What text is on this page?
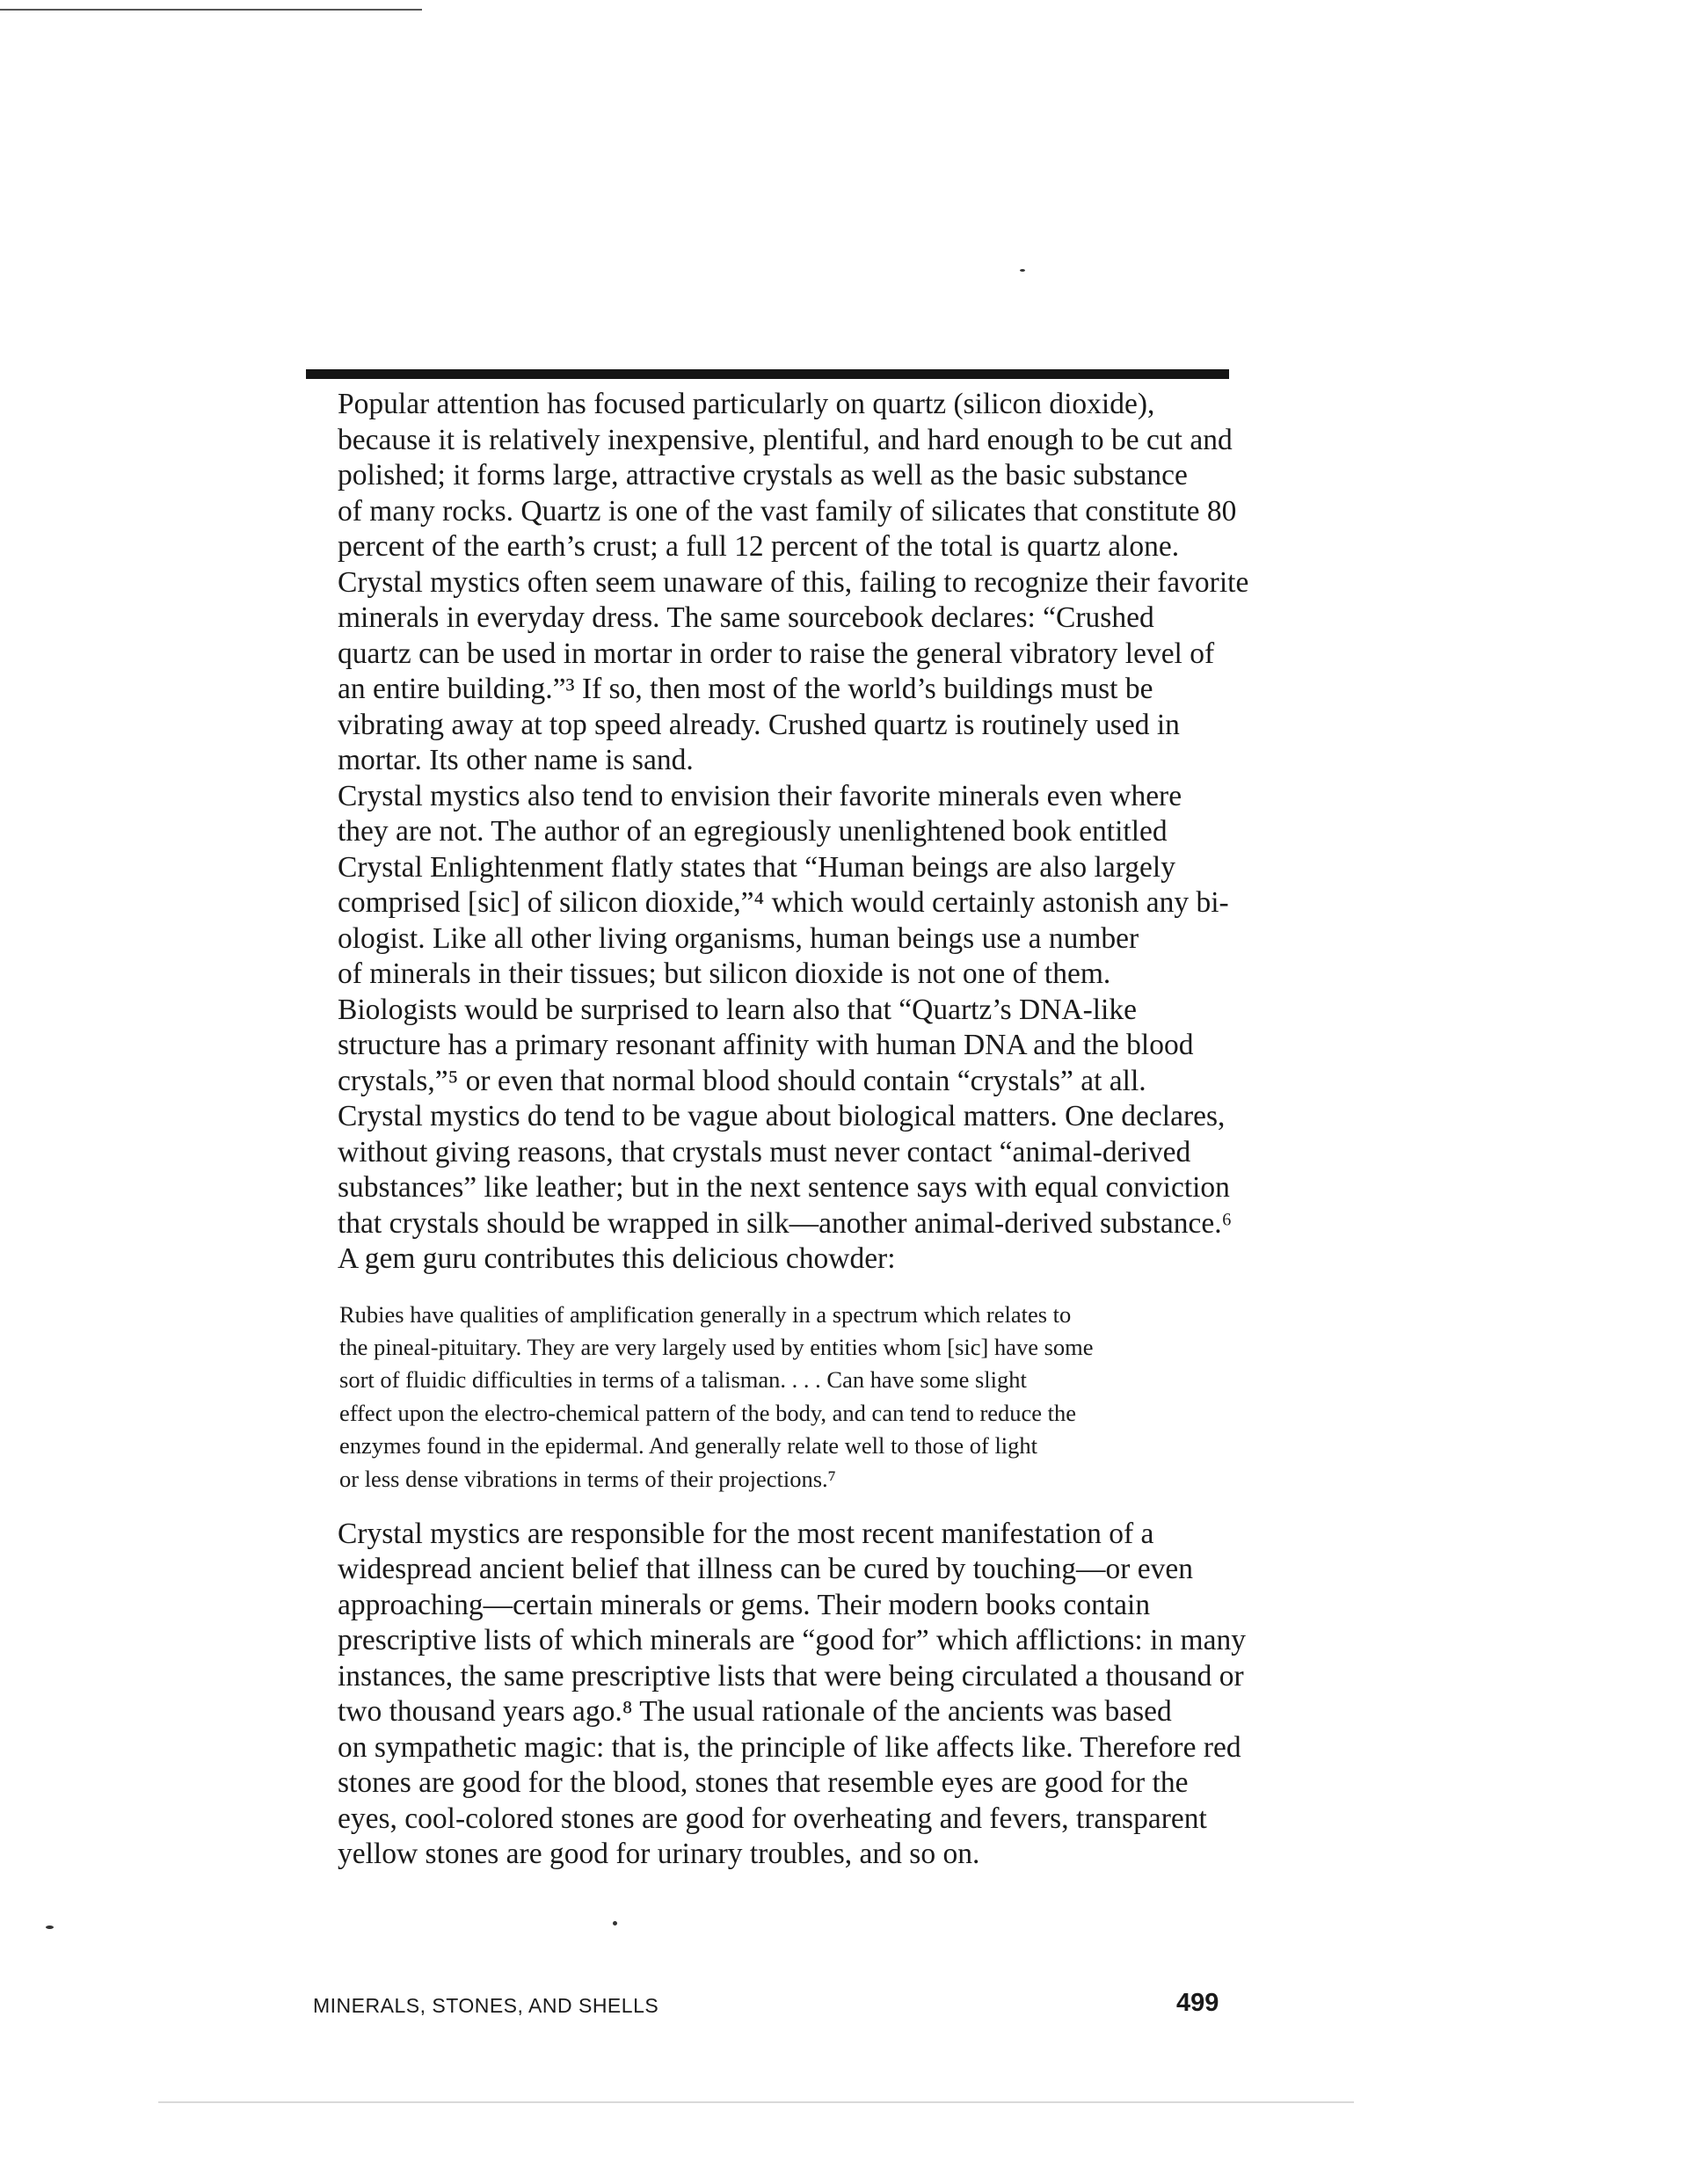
Popular attention has focused particularly on quartz (silicon dioxide),
because it is relatively inexpensive, plentiful, and hard enough to be cut and
polished; it forms large, attractive crystals as well as the basic substance
of many rocks. Quartz is one of the vast family of silicates that constitute 80
percent of the earth’s crust; a full 12 percent of the total is quartz alone.
Crystal mystics often seem unaware of this, failing to recognize their favorite
minerals in everyday dress. The same sourcebook declares: “Crushed
quartz can be used in mortar in order to raise the general vibratory level of
an entire building.”³ If so, then most of the world’s buildings must be
vibrating away at top speed already. Crushed quartz is routinely used in
mortar. Its other name is sand.

Crystal mystics also tend to envision their favorite minerals even where
they are not. The author of an egregiously unenlightened book entitled
Crystal Enlightenment flatly states that “Human beings are also largely
comprised [sic] of silicon dioxide,”⁴ which would certainly astonish any bi-
ologist. Like all other living organisms, human beings use a number
of minerals in their tissues; but silicon dioxide is not one of them.

Biologists would be surprised to learn also that “Quartz’s DNA-like
structure has a primary resonant affinity with human DNA and the blood
crystals,”⁵ or even that normal blood should contain “crystals” at all.
Crystal mystics do tend to be vague about biological matters. One declares,
without giving reasons, that crystals must never contact “animal-derived
substances” like leather; but in the next sentence says with equal conviction
that crystals should be wrapped in silk—another animal-derived substance.⁶
A gem guru contributes this delicious chowder:

Rubies have qualities of amplification generally in a spectrum which relates to
the pineal-pituitary. They are very largely used by entities whom [sic] have some
sort of fluidic difficulties in terms of a talisman. . . . Can have some slight
effect upon the electro-chemical pattern of the body, and can tend to reduce the
enzymes found in the epidermal. And generally relate well to those of light
or less dense vibrations in terms of their projections.⁷

Crystal mystics are responsible for the most recent manifestation of a
widespread ancient belief that illness can be cured by touching—or even
approaching—certain minerals or gems. Their modern books contain
prescriptive lists of which minerals are “good for” which afflictions: in many
instances, the same prescriptive lists that were being circulated a thousand or
two thousand years ago.⁸ The usual rationale of the ancients was based
on sympathetic magic: that is, the principle of like affects like. Therefore red
stones are good for the blood, stones that resemble eyes are good for the
eyes, cool-colored stones are good for overheating and fevers, transparent
yellow stones are good for urinary troubles, and so on.

MINERALS, STONES, AND SHELLS	499
